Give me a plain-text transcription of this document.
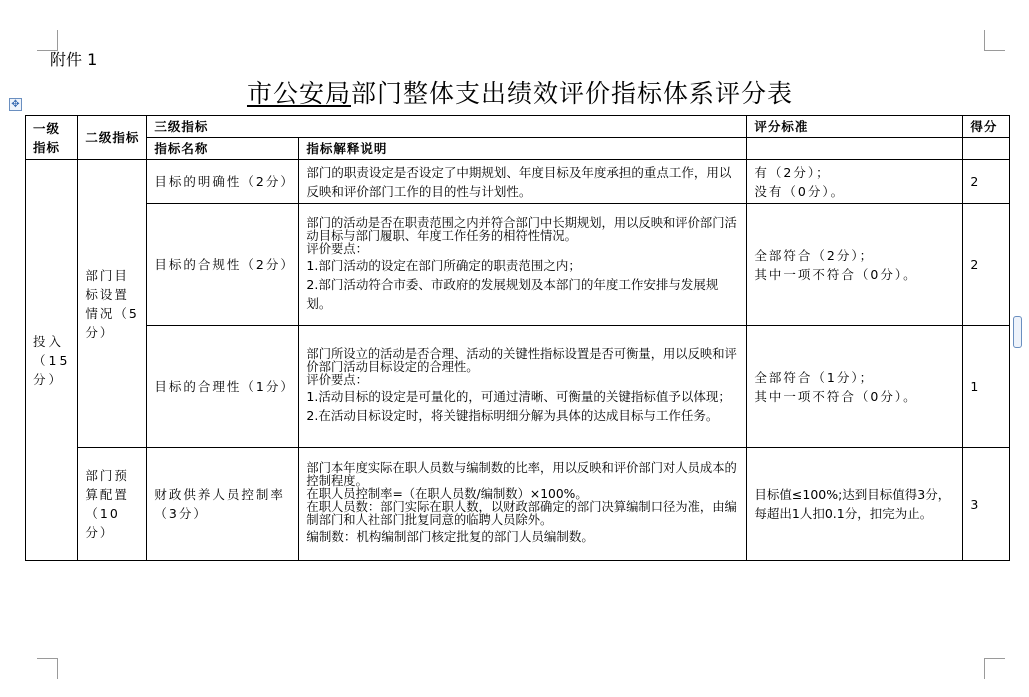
附件 1
市公安局部门整体支出绩效评价指标体系评分表
✥
一级指标	二级指标	三级指标		评分标准	得分
		指标名称	指标解释说明		
投入（15分）	部门目标设置情况（5分）	目标的明确性（2分）	部门的职责设定是否设定了中期规划、年度目标及年度承担的重点工作，用以反映和评价部门工作的目的性与计划性。	有（2分）；
没有（0分）。	2
		目标的合规性（2分）	部门的活动是否在职责范围之内并符合部门中长期规划，用以反映和评价部门活动目标与部门履职、年度工作任务的相符性情况。
评价要点：
1.部门活动的设定在部门所确定的职责范围之内；
2.部门活动符合市委、市政府的发展规划及本部门的年度工作安排与发展规划。	全部符合（2分）；
其中一项不符合（0分）。	2
		目标的合理性（1分）	部门所设立的活动是否合理、活动的关键性指标设置是否可衡量，用以反映和评价部门活动目标设定的合理性。
评价要点：
1.活动目标的设定是可量化的，可通过清晰、可衡量的关键指标值予以体现；
2.在活动目标设定时，将关键指标明细分解为具体的达成目标与工作任务。	全部符合（1分）；
其中一项不符合（0分）。	1
	部门预算配置（10分）	财政供养人员控制率（3分）	部门本年度实际在职人员数与编制数的比率，用以反映和评价部门对人员成本的控制程度。
在职人员控制率=（在职人员数/编制数）×100%。
在职人员数：部门实际在职人数，以财政部确定的部门决算编制口径为准，由编制部门和人社部门批复同意的临聘人员除外。
编制数：机构编制部门核定批复的部门人员编制数。	目标值≤100%;达到目标值得3分，每超出1人扣0.1分，扣完为止。	3
